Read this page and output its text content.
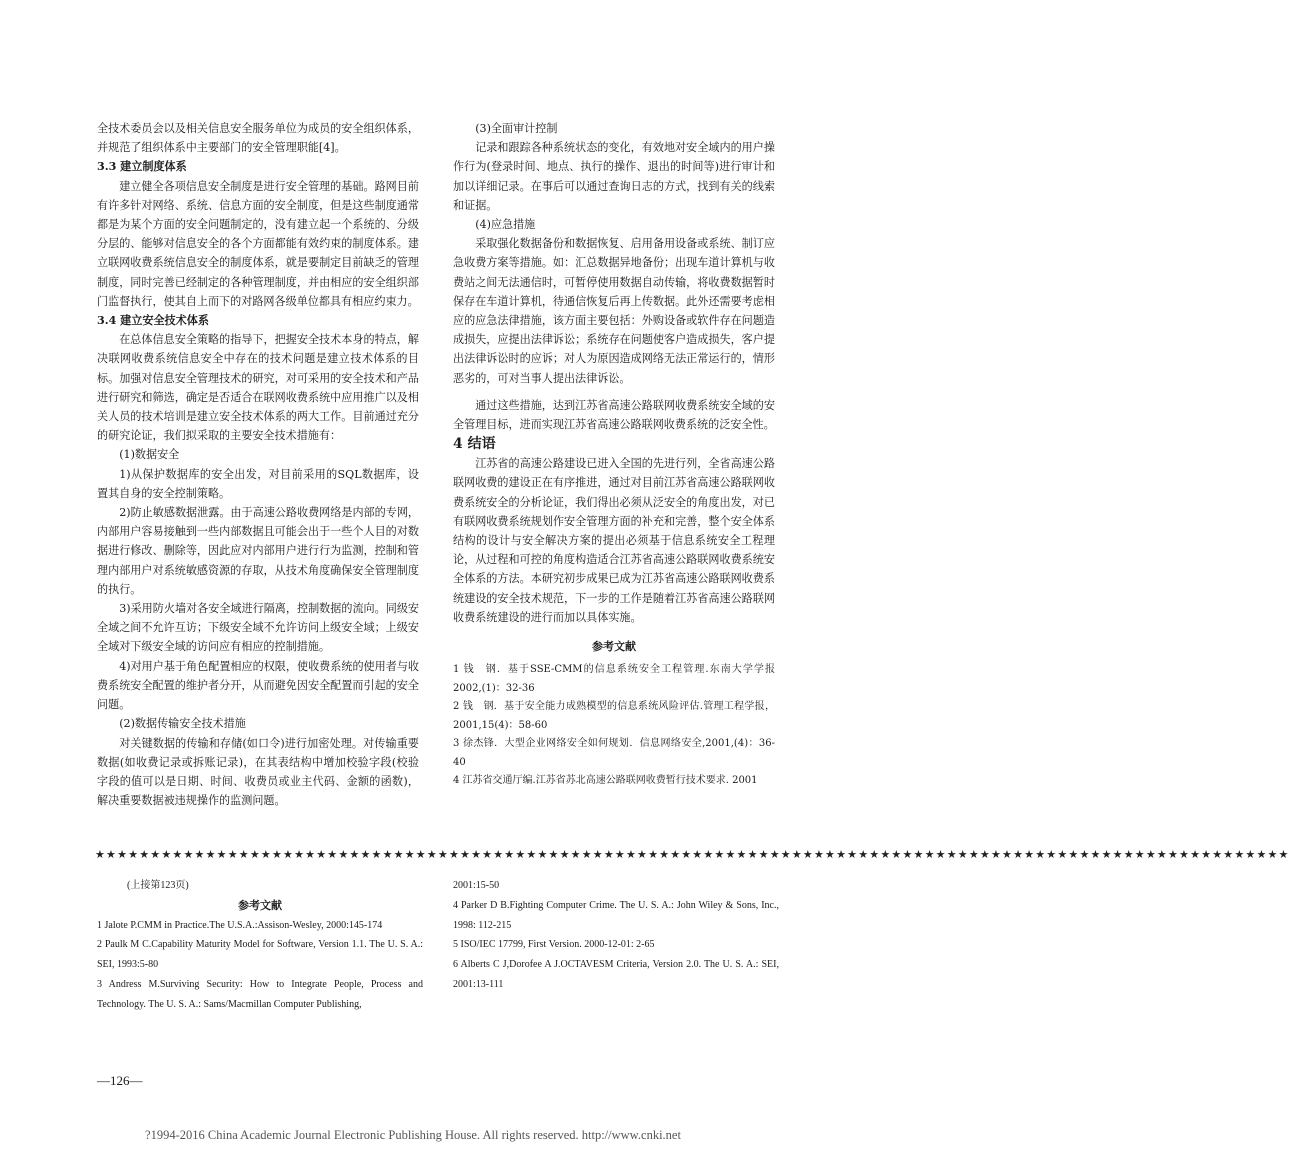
全技术委员会以及相关信息安全服务单位为成员的安全组织体系，并规范了组织体系中主要部门的安全管理职能[4]。

3.3 建立制度体系

建立健全各项信息安全制度是进行安全管理的基础。路网目前有许多针对网络、系统、信息方面的安全制度，但是这些制度通常都是为某个方面的安全问题制定的，没有建立起一个系统的、分级分层的、能够对信息安全的各个方面都能有效约束的制度体系。建立联网收费系统信息安全的制度体系，就是要制定目前缺乏的管理制度，同时完善已经制定的各种管理制度，并由相应的安全组织部门监督执行，使其自上而下的对路网各级单位都具有相应约束力。

3.4 建立安全技术体系

在总体信息安全策略的指导下，把握安全技术本身的特点，解决联网收费系统信息安全中存在的技术问题是建立技术体系的目标。加强对信息安全管理技术的研究，对可采用的安全技术和产品进行研究和筛选，确定是否适合在联网收费系统中应用推广以及相关人员的技术培训是建立安全技术体系的两大工作。目前通过充分的研究论证，我们拟采取的主要安全技术措施有：

(1)数据安全

1)从保护数据库的安全出发，对目前采用的SQL数据库，设置其自身的安全控制策略。

2)防止敏感数据泄露。由于高速公路收费网络是内部的专网，内部用户容易接触到一些内部数据且可能会出于一些个人目的对数据进行修改、删除等，因此应对内部用户进行行为监测，控制和管理内部用户对系统敏感资源的存取，从技术角度确保安全管理制度的执行。

3)采用防火墙对各安全域进行隔离，控制数据的流向。同级安全域之间不允许互访；下级安全域不允许访问上级安全域；上级安全域对下级安全域的访问应有相应的控制措施。

4)对用户基于角色配置相应的权限，使收费系统的使用者与收费系统安全配置的维护者分开，从而避免因安全配置而引起的安全问题。

(2)数据传输安全技术措施

对关键数据的传输和存储(如口令)进行加密处理。对传输重要数据(如收费记录或拆账记录)，在其表结构中增加校验字段(校验字段的值可以是日期、时间、收费员或业主代码、金额的函数)，解决重要数据被违规操作的监测问题。

(3)全面审计控制

记录和跟踪各种系统状态的变化，有效地对安全域内的用户操作行为(登录时间、地点、执行的操作、退出的时间等)进行审计和加以详细记录。在事后可以通过查询日志的方式，找到有关的线索和证据。

(4)应急措施

采取强化数据备份和数据恢复、启用备用设备或系统、制订应急收费方案等措施。如：汇总数据异地备份；出现车道计算机与收费站之间无法通信时，可暂停使用数据自动传输，将收费数据暂时保存在车道计算机，待通信恢复后再上传数据。此外还需要考虑相应的应急法律措施，该方面主要包括：外购设备或软件存在问题造成损失，应提出法律诉讼；系统存在问题使客户造成损失，客户提出法律诉讼时的应诉；对人为原因造成网络无法正常运行的，情形恶劣的，可对当事人提出法律诉讼。

通过这些措施，达到江苏省高速公路联网收费系统安全域的安全管理目标，进而实现江苏省高速公路联网收费系统的泛安全性。

4 结语

江苏省的高速公路建设已进入全国的先进行列，全省高速公路联网收费的建设正在有序推进，通过对目前江苏省高速公路联网收费系统安全的分析论证，我们得出必须从泛安全的角度出发，对已有联网收费系统规划作安全管理方面的补充和完善，整个安全体系结构的设计与安全解决方案的提出必须基于信息系统安全工程理论，从过程和可控的角度构造适合江苏省高速公路联网收费系统安全体系的方法。本研究初步成果已成为江苏省高速公路联网收费系统建设的安全技术规范，下一步的工作是随着江苏省高速公路联网收费系统建设的进行而加以具体实施。

参考文献

1 钱　钢．基于SSE-CMM的信息系统安全工程管理.东南大学学报 2002,(1)：32-36

2 钱　钢．基于安全能力成熟模型的信息系统风险评估.管理工程学报，2001,15(4)：58-60

3 徐杰锋．大型企业网络安全如何规划．信息网络安全,2001,(4)：36-40

4 江苏省交通厅编.江苏省苏北高速公路联网收费暂行技术要求. 2001

★★★★★★★★★★★★★★★★★★★★★★★★★★★★★★★★★★★★★★★★★★★★★★★★★★★★★★★★★★★★★★★★★★★★★★★★★★★★★★★★★★★★★★★★★★★★★★★★★★★★★★★★★★★★

(上接第123页)

参考文献

1 Jalote P.CMM in Practice.The U.S.A.:Assison-Wesley, 2000:145-174

2 Paulk M C.Capability Maturity Model for Software, Version 1.1. The U. S. A.: SEI, 1993:5-80

3 Andress M.Surviving Security: How to Integrate People, Process and Technology. The U. S. A.: Sams/Macmillan Computer Publishing,

2001:15-50

4 Parker D B.Fighting Computer Crime. The U. S. A.: John Wiley & Sons, Inc., 1998: 112-215

5 ISO/IEC 17799, First Version. 2000-12-01: 2-65

6 Alberts C J,Dorofee A J.OCTAVESM Criteria, Version 2.0. The U. S. A.: SEI, 2001:13-111

—126—
?1994-2016 China Academic Journal Electronic Publishing House. All rights reserved. http://www.cnki.net
